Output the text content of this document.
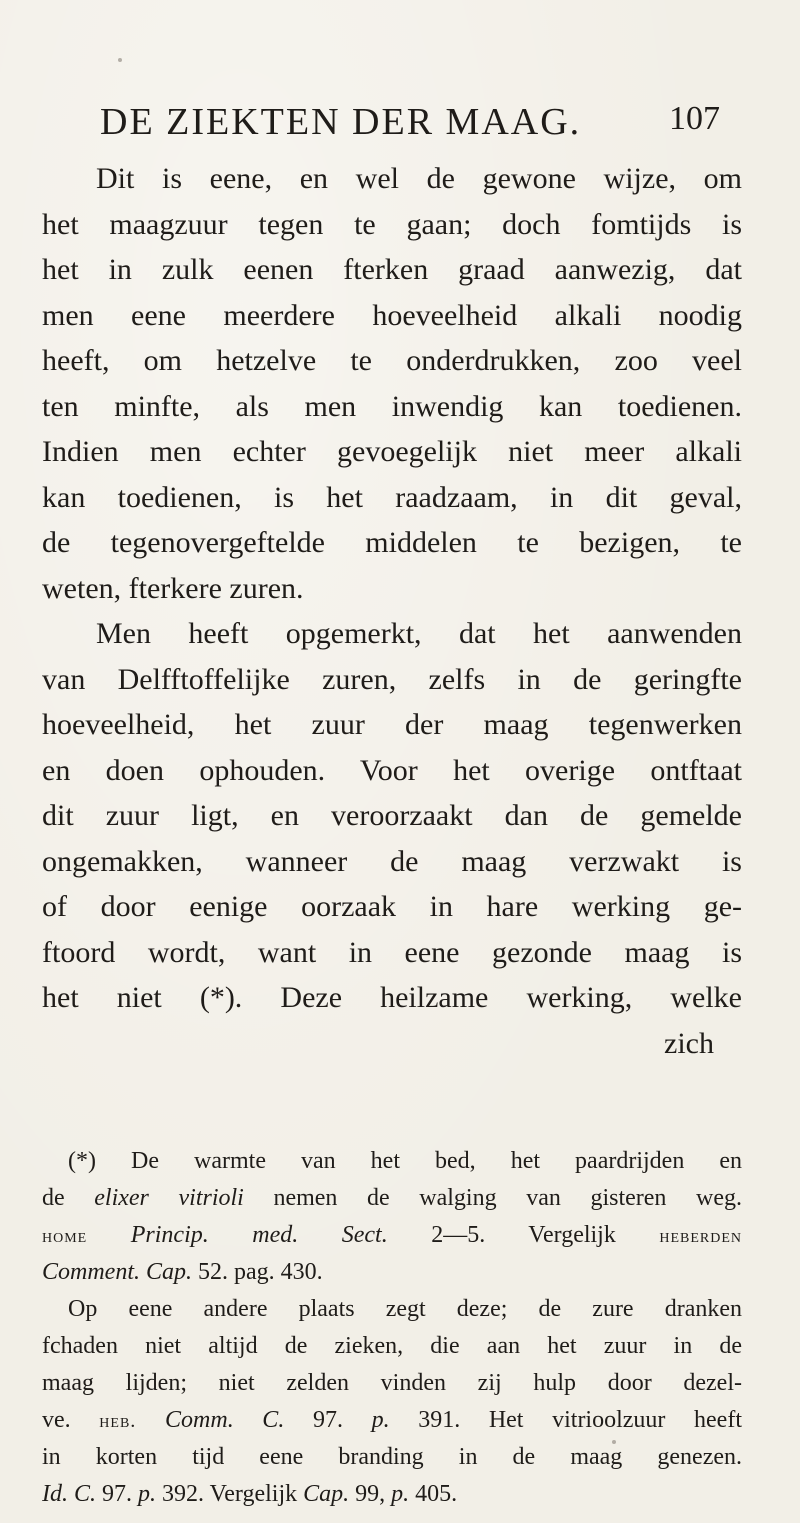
DE ZIEKTEN DER MAAG.	107
Dit is eene, en wel de gewone wijze, om
het maagzuur tegen te gaan; doch fomtijds is
het in zulk eenen fterken graad aanwezig, dat
men eene meerdere hoeveelheid alkali noodig
heeft, om hetzelve te onderdrukken, zoo veel
ten minfte, als men inwendig kan toedienen.
Indien men echter gevoegelijk niet meer alkali
kan toedienen, is het raadzaam, in dit geval,
de tegenovergeftelde middelen te bezigen, te
weten, fterkere zuren.
Men heeft opgemerkt, dat het aanwenden
van Delfftoffelijke zuren, zelfs in de geringfte
hoeveelheid, het zuur der maag tegenwerken
en doen ophouden. Voor het overige ontftaat
dit zuur ligt, en veroorzaakt dan de gemelde
ongemakken, wanneer de maag verzwakt is
of door eenige oorzaak in hare werking ge-
ftoord wordt, want in eene gezonde maag is
het niet (*). Deze heilzame werking, welke
zich
(*) De warmte van het bed, het paardrijden en
de elixer vitrioli nemen de walging van gisteren weg.
home Princip. med. Sect. 2—5. Vergelijk heberden
Comment. Cap. 52. pag. 430.
Op eene andere plaats zegt deze; de zure dranken
fchaden niet altijd de zieken, die aan het zuur in de
maag lijden; niet zelden vinden zij hulp door dezel-
ve. heb. Comm. C. 97. p. 391. Het vitrioolzuur heeft
in korten tijd eene branding in de maag genezen.
Id. C. 97. p. 392. Vergelijk Cap. 99, p. 405.
